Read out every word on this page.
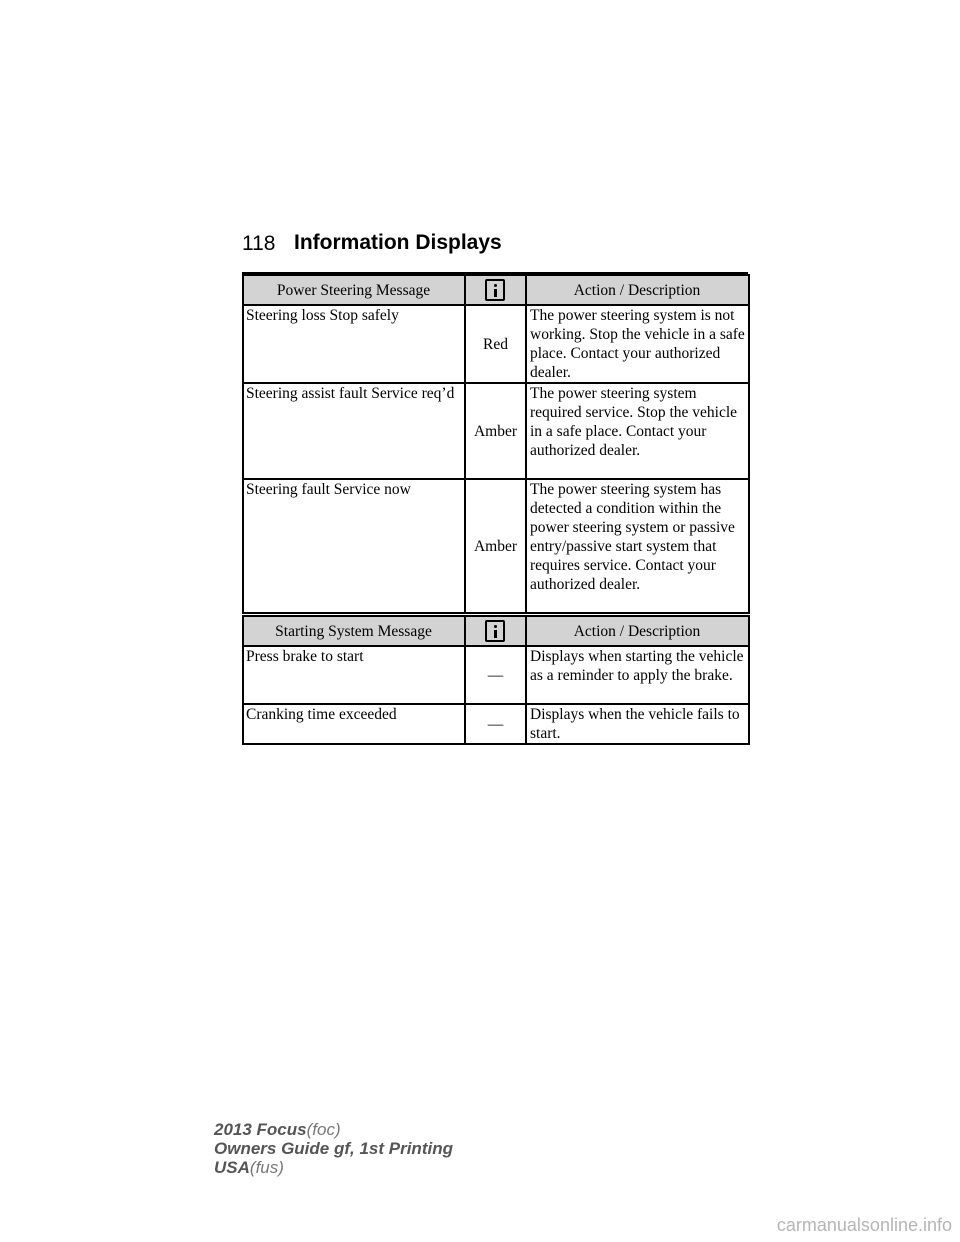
118 Information Displays
Power Steering Message		Action / Description
Steering loss Stop safely	Red	The power steering system is not working. Stop the vehicle in a safe place. Contact your authorized dealer.
Steering assist fault Service req’d	Amber	The power steering system required service. Stop the vehicle in a safe place. Contact your authorized dealer.
Steering fault Service now	Amber	The power steering system has detected a condition within the power steering system or passive entry/passive start system that requires service. Contact your authorized dealer.
Starting System Message		Action / Description
Press brake to start	—	Displays when starting the vehicle as a reminder to apply the brake.
Cranking time exceeded	—	Displays when the vehicle fails to start.
2013 Focus(foc)
Owners Guide gf, 1st Printing
USA(fus)
carmanualsonline.info
